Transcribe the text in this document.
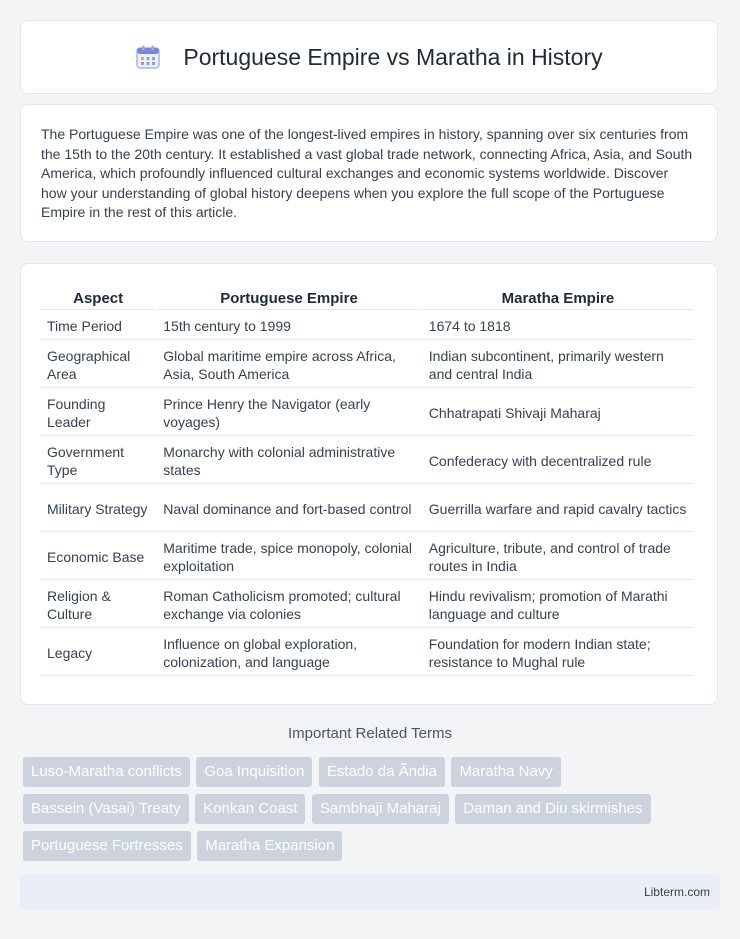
Portuguese Empire vs Maratha in History

The Portuguese Empire was one of the longest-lived empires in history, spanning over six centuries from the 15th to the 20th century. It established a vast global trade network, connecting Africa, Asia, and South America, which profoundly influenced cultural exchanges and economic systems worldwide. Discover how your understanding of global history deepens when you explore the full scope of the Portuguese Empire in the rest of this article.

Aspect	Portuguese Empire	Maratha Empire
Time Period	15th century to 1999	1674 to 1818
Geographical Area	Global maritime empire across Africa, Asia, South America	Indian subcontinent, primarily western and central India
Founding Leader	Prince Henry the Navigator (early voyages)	Chhatrapati Shivaji Maharaj
Government Type	Monarchy with colonial administrative states	Confederacy with decentralized rule
Military Strategy	Naval dominance and fort-based control	Guerrilla warfare and rapid cavalry tactics
Economic Base	Maritime trade, spice monopoly, colonial exploitation	Agriculture, tribute, and control of trade routes in India
Religion & Culture	Roman Catholicism promoted; cultural exchange via colonies	Hindu revivalism; promotion of Marathi language and culture
Legacy	Influence on global exploration, colonization, and language	Foundation for modern Indian state; resistance to Mughal rule
Important Related Terms
Luso-Maratha conflicts Goa Inquisition Estado da Ãndia Maratha Navy
Bassein (Vasai) Treaty Konkan Coast Sambhaji Maharaj Daman and Diu skirmishes
Portuguese Fortresses Maratha Expansion
Libterm.com
